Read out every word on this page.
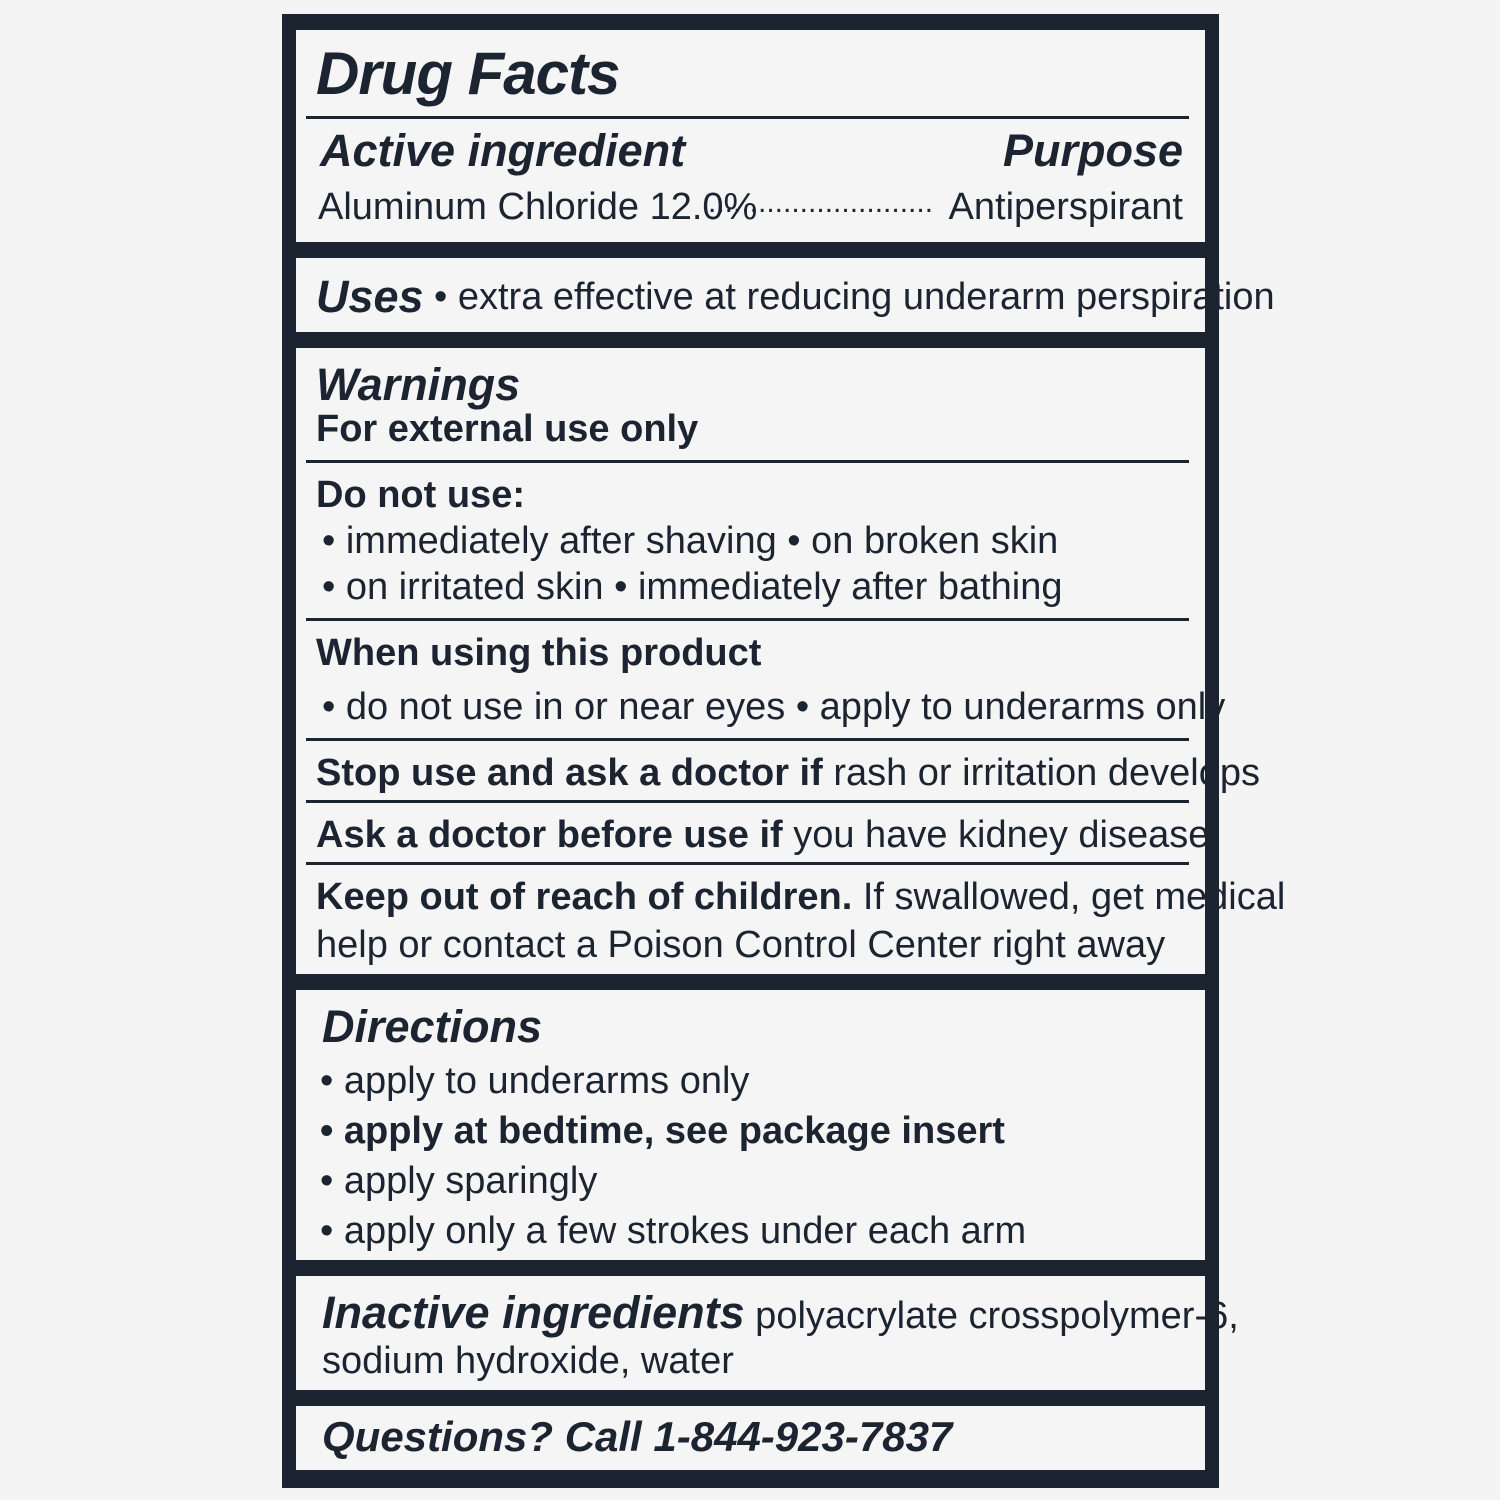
Drug Facts
Active ingredient	Purpose
Aluminum Chloride 12.0%
........................... Antiperspirant
Uses • extra effective at reducing underarm perspiration
Warnings
For external use only
Do not use:
• immediately after shaving • on broken skin
• on irritated skin • immediately after bathing
When using this product
• do not use in or near eyes • apply to underarms only
Stop use and ask a doctor if rash or irritation develops
Ask a doctor before use if you have kidney disease
Keep out of reach of children. If swallowed, get medical
help or contact a Poison Control Center right away
Directions
• apply to underarms only
• apply at bedtime, see package insert
• apply sparingly
• apply only a few strokes under each arm
Inactive ingredients polyacrylate crosspolymer-6,
sodium hydroxide, water
Questions? Call 1-844-923-7837
